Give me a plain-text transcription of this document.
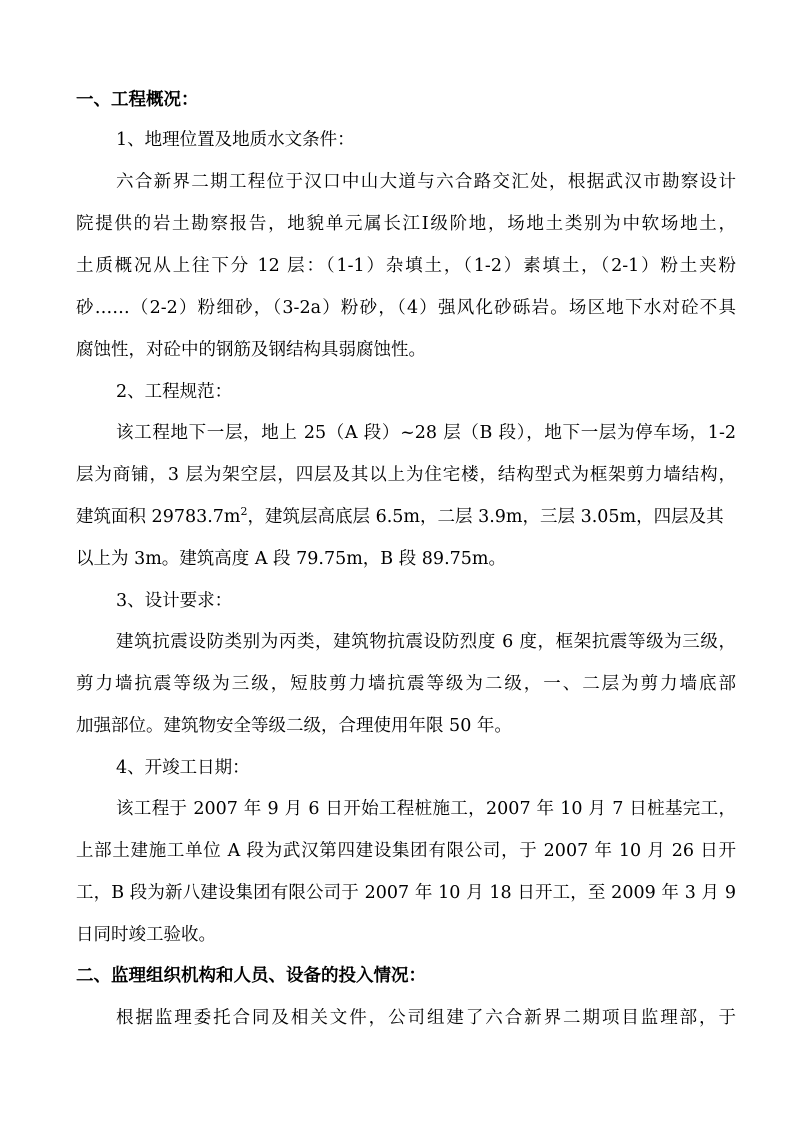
一、工程概况：
1、地理位置及地质水文条件：
六合新界二期工程位于汉口中山大道与六合路交汇处，根据武汉市勘察设计
院提供的岩土勘察报告，地貌单元属长江Ⅰ级阶地，场地土类别为中软场地土，
土质概况从上往下分 12 层：（1-1）杂填土，（1-2）素填土，（2-1）粉土夹粉
砂……（2-2）粉细砂，（3-2a）粉砂，（4）强风化砂砾岩。场区地下水对砼不具
腐蚀性，对砼中的钢筋及钢结构具弱腐蚀性。
2、工程规范：
该工程地下一层，地上 25（A 段）~28 层（B 段），地下一层为停车场，1-2
层为商铺，3 层为架空层，四层及其以上为住宅楼，结构型式为框架剪力墙结构，
建筑面积 $29783.7m^2$，建筑层高底层 6.5m，二层 3.9m，三层 3.05m，四层及其
以上为 3m。建筑高度 A 段 79.75m，B 段 89.75m。
3、设计要求：
建筑抗震设防类别为丙类，建筑物抗震设防烈度 6 度，框架抗震等级为三级，
剪力墙抗震等级为三级，短肢剪力墙抗震等级为二级，一、二层为剪力墙底部
加强部位。建筑物安全等级二级，合理使用年限 50 年。
4、开竣工日期：
该工程于 2007 年 9 月 6 日开始工程桩施工，2007 年 10 月 7 日桩基完工，
上部土建施工单位 A 段为武汉第四建设集团有限公司，于 2007 年 10 月 26 日开
工，B 段为新八建设集团有限公司于 2007 年 10 月 18 日开工，至 2009 年 3 月 9
日同时竣工验收。
二、监理组织机构和人员、设备的投入情况：
根据监理委托合同及相关文件，公司组建了六合新界二期项目监理部，于
